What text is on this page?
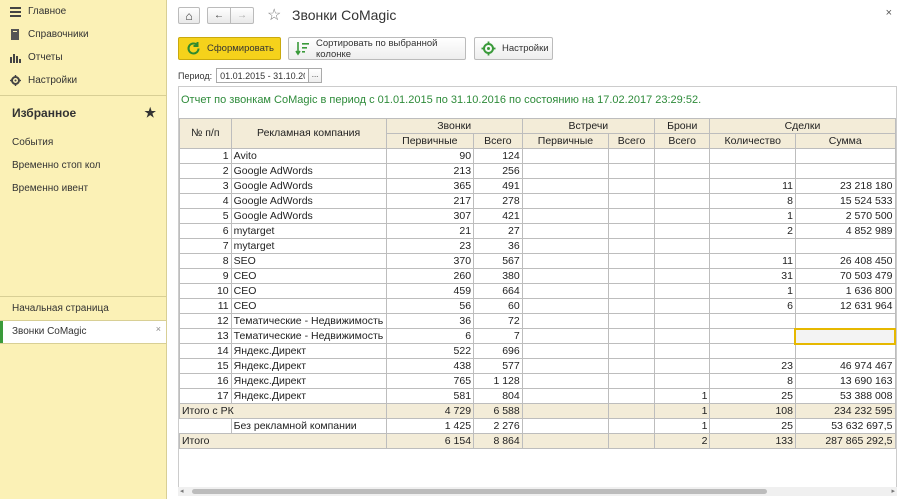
Главное
Справочники
Отчеты
Настройки
Избранное	★
События
Временно стоп кол
Временно ивент
Начальная страница
Звонки CoMagic	×
⌂ ← → ☆ Звонки CoMagic	×
Сформировать	Сортировать по выбранной колонке	Настройки
Период:
01.01.2015 - 31.10.2016	...
Отчет по звонкам CoMagic в период с 01.01.2015 по 31.10.2016 по состоянию на 17.02.2017 23:29:52.
№ п/п	Рекламная компания	Звонки		Встречи		Брони	Сделки	
		Первичные	Всего	Первичные	Всего	Всего	Количество	Сумма
1	Avito	90	124					
2	Google AdWords	213	256					
3	Google AdWords	365	491				11	23 218 180
4	Google AdWords	217	278				8	15 524 533
5	Google AdWords	307	421				1	2 570 500
6	mytarget	21	27				2	4 852 989
7	mytarget	23	36					
8	SEO	370	567				11	26 408 450
9	CEO	260	380				31	70 503 479
10	CEO	459	664				1	1 636 800
11	CEO	56	60				6	12 631 964
12	Тематические - Недвижимость	36	72					
13	Тематические - Недвижимость	6	7					
14	Яндекс.Директ	522	696					
15	Яндекс.Директ	438	577				23	46 974 467
16	Яндекс.Директ	765	1 128				8	13 690 163
17	Яндекс.Директ	581	804			1	25	53 388 008
Итого с РК		4 729	6 588			1	108	234 232 595
	Без рекламной компании	1 425	2 276			1	25	53 632 697,5
Итого		6 154	8 864			2	133	287 865 292,5
◂	▸
